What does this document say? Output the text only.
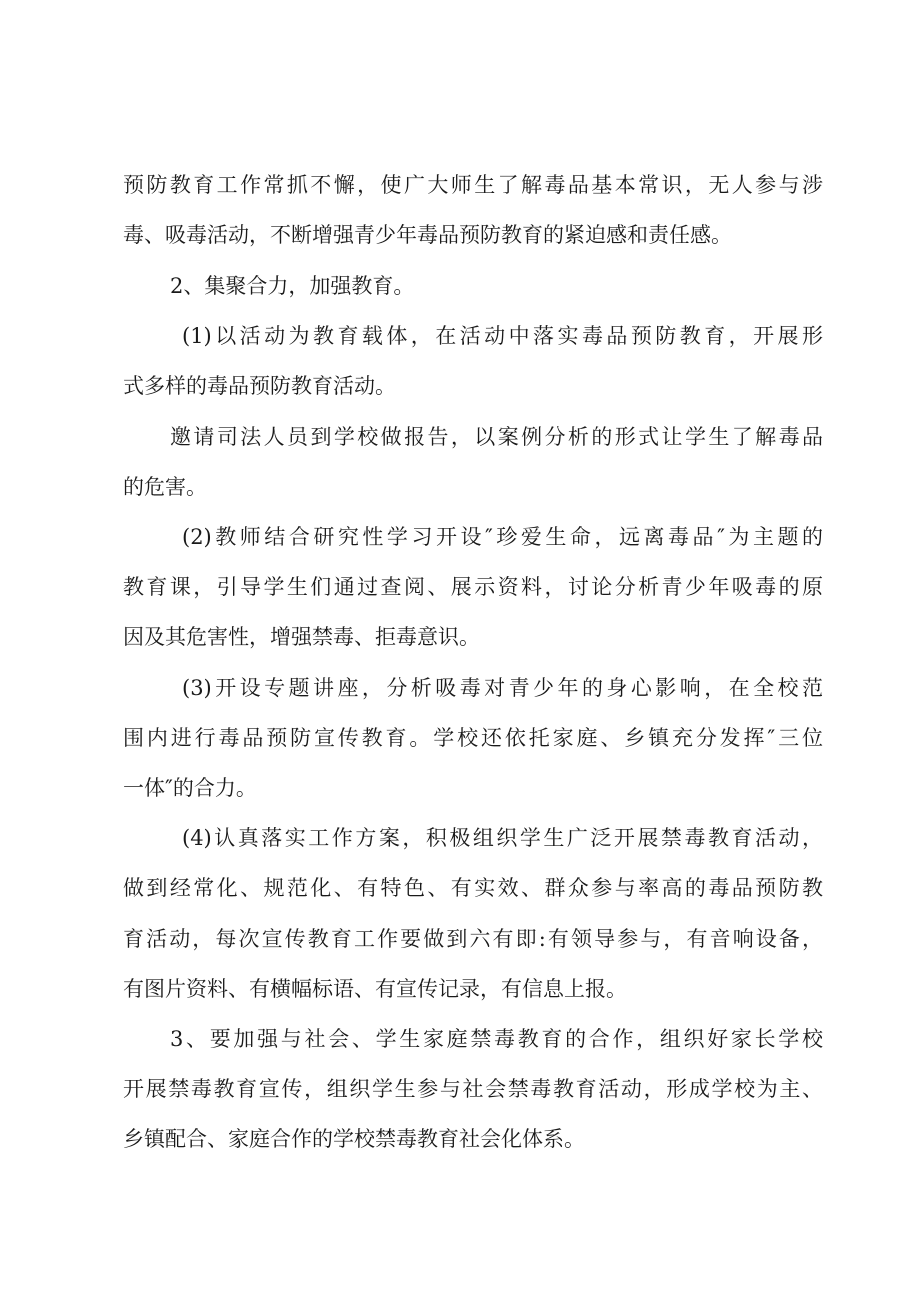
预防教育工作常抓不懈，使广大师生了解毒品基本常识，无人参与涉
毒、吸毒活动，不断增强青少年毒品预防教育的紧迫感和责任感。
2、集聚合力，加强教育。
(1)以活动为教育载体，在活动中落实毒品预防教育，开展形
式多样的毒品预防教育活动。
邀请司法人员到学校做报告，以案例分析的形式让学生了解毒品
的危害。
(2)教师结合研究性学习开设″珍爱生命，远离毒品″为主题的
教育课，引导学生们通过查阅、展示资料，讨论分析青少年吸毒的原
因及其危害性，增强禁毒、拒毒意识。
(3)开设专题讲座，分析吸毒对青少年的身心影响，在全校范
围内进行毒品预防宣传教育。学校还依托家庭、乡镇充分发挥″三位
一体″的合力。
(4)认真落实工作方案，积极组织学生广泛开展禁毒教育活动，
做到经常化、规范化、有特色、有实效、群众参与率高的毒品预防教
育活动，每次宣传教育工作要做到六有即:有领导参与，有音响设备，
有图片资料、有横幅标语、有宣传记录，有信息上报。
3、要加强与社会、学生家庭禁毒教育的合作，组织好家长学校
开展禁毒教育宣传，组织学生参与社会禁毒教育活动，形成学校为主、
乡镇配合、家庭合作的学校禁毒教育社会化体系。
